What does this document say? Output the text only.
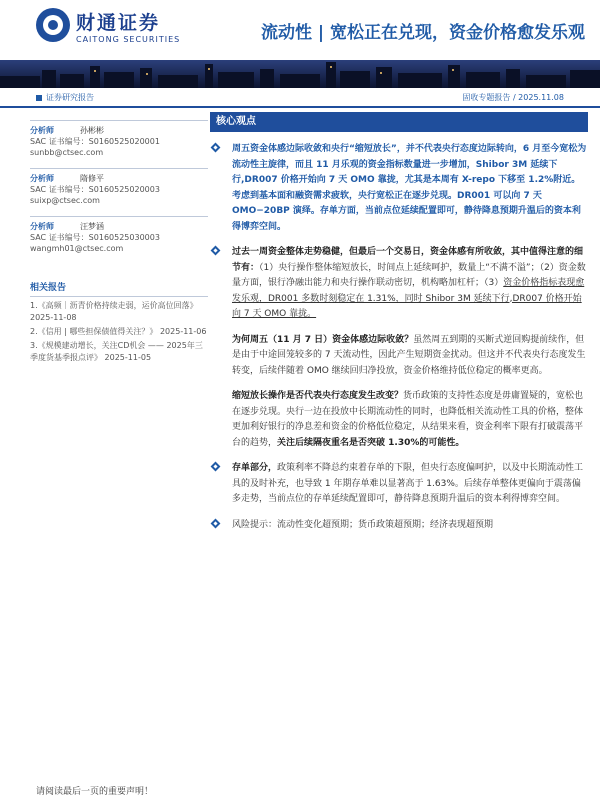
财通证券
CAITONG SECURITIES	流动性 | 宽松正在兑现，资金价格愈发乐观
证券研究报告	固收专题报告 / 2025.11.08
分析师	孙彬彬
SAC 证书编号：S0160525020001
sunbb@ctsec.com
分析师	隋修平
SAC 证书编号：S0160525020003
suixp@ctsec.com
分析师	汪梦涵
SAC 证书编号：S0160525030003
wangmh01@ctsec.com
相关报告
1.《高频｜沥青价格持续走弱，运价高位回落》 2025-11-08
2.《信用 | 哪些担保债值得关注？》 2025-11-06
3.《规模建动增长，关注CD机会 —— 2025年三季度货基季报点评》 2025-11-05
核心观点
周五资金体感边际收敛和央行“缩短放长”，并不代表央行态度边际转向，6 月至今宽松为流动性主旋律，而且 11 月乐观的资金指标数量进一步增加，Shibor 3M 延续下行,DR007 价格开始向 7 天 OMO 靠拢，尤其是本周有 X-repo 下移至 1.2%附近。考虑到基本面和融资需求疲软，央行宽松正在逐步兑现。DR001 可以向 7 天 OMO−20BP 演绎。存单方面，当前点位延续配置即可，静待降息预期升温后的资本利得博弈空间。
过去一周资金整体走势稳健，但最后一个交易日，资金体感有所收敛，其中值得注意的细节有：（1）央行操作整体缩短放长，时间点上延续呵护，数量上“不满不溢”；（2）资金数量方面，银行净融出能力和央行操作联动密切，机构略加杠杆；（3）资金价格指标表现愈发乐观，DR001 多数时刻稳定在 1.31%，同时 Shibor 3M 延续下行,DR007 价格开始向 7 天 OMO 靠拢。
为何周五（11 月 7 日）资金体感边际收敛？虽然周五到期的买断式逆回购提前续作，但是由于中途回笼较多的 7 天流动性，因此产生短期资金扰动。但这并不代表央行态度发生转变，后续伴随着 OMO 继续回归净投放，资金价格维持低位稳定的概率更高。
缩短放长操作是否代表央行态度发生改变？货币政策的支持性态度是毋庸置疑的，宽松也在逐步兑现。央行一边在投放中长期流动性的同时，也降低相关流动性工具的价格，整体更加利好银行的净息差和资金的价格低位稳定，从结果来看，资金利率下限有打破震荡平台的趋势，关注后续隔夜重名是否突破 1.30%的可能性。
存单部分，政策利率不降总约束着存单的下限，但央行态度偏呵护，以及中长期流动性工具的及时补充，也导致 1 年期存单难以显著高于 1.63%。后续存单整体更偏向于震荡偏多走势，当前点位的存单延续配置即可，静待降息预期升温后的资本利得博弈空间。
风险提示：流动性变化超预期；货币政策超预期；经济表现超预期
请阅读最后一页的重要声明！
